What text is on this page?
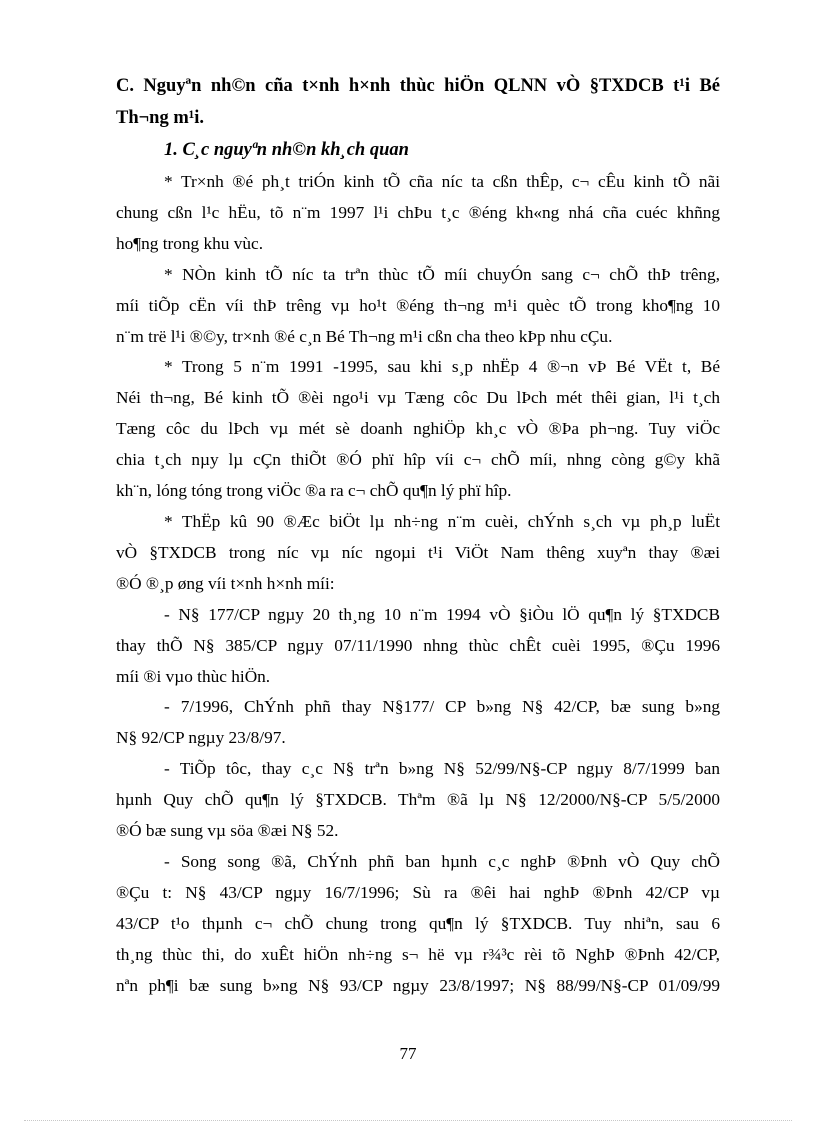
C. Nguyªn nh©n cña t×nh h×nh thùc hiÖn QLNN vÒ §TXDCB t¹i Bé

Th¬ng m¹i.

1. C¸c nguyªn nh©n kh¸ch quan

* Tr×nh ®é ph¸t triÓn kinh tÕ cña níc ta cßn thÊp, c¬ cÊu kinh tÕ nãi
chung cßn l¹c hËu, tõ n¨m 1997 l¹i chÞu t¸c ®éng kh«ng nhá cña cuéc khñng
ho¶ng trong khu vùc.
* NÒn kinh tÕ níc ta trªn thùc tÕ míi chuyÓn sang c¬ chÕ thÞ trêng,
míi tiÕp cËn víi thÞ trêng vµ ho¹t ®éng th¬ng m¹i quèc tÕ trong kho¶ng 10
n¨m trë l¹i ®©y, tr×nh ®é c¸n Bé Th¬ng m¹i cßn cha theo kÞp nhu cÇu.
* Trong 5 n¨m 1991 -1995, sau khi s¸p nhËp 4 ®¬n vÞ Bé VËt t, Bé
Néi th¬ng, Bé kinh tÕ ®èi ngo¹i vµ Tæng côc Du lÞch mét thêi gian, l¹i t¸ch
Tæng côc du lÞch vµ mét sè doanh nghiÖp kh¸c vÒ ®Þa ph¬ng. Tuy viÖc
chia t¸ch nµy lµ cÇn thiÕt ®Ó phï hîp víi c¬ chÕ míi, nhng còng g©y khã
kh¨n, lóng tóng trong viÖc ®a ra c¬ chÕ qu¶n lý phï hîp.
* ThËp kû 90 ®Æc biÖt lµ nh÷ng n¨m cuèi, chÝnh s¸ch vµ ph¸p luËt
vÒ §TXDCB trong níc vµ níc ngoµi t¹i ViÖt Nam thêng xuyªn thay ®æi
®Ó ®¸p øng víi t×nh h×nh míi:
- N§ 177/CP ngµy 20 th¸ng 10 n¨m 1994 vÒ §iÒu lÖ qu¶n lý §TXDCB
thay thÕ N§ 385/CP ngµy 07/11/1990 nhng thùc chÊt cuèi 1995, ®Çu 1996
míi ®i vµo thùc hiÖn.
- 7/1996, ChÝnh phñ thay N§177/ CP b»ng N§ 42/CP, bæ sung b»ng
N§ 92/CP ngµy 23/8/97.
- TiÕp tôc, thay c¸c N§ trªn b»ng N§ 52/99/N§-CP ngµy 8/7/1999 ban
hµnh Quy chÕ qu¶n lý §TXDCB. Thªm ®ã lµ N§ 12/2000/N§-CP 5/5/2000
®Ó bæ sung vµ söa ®æi N§ 52.
- Song song ®ã, ChÝnh phñ ban hµnh c¸c nghÞ ®Þnh vÒ Quy chÕ
®Çu t: N§ 43/CP ngµy 16/7/1996; Sù ra ®êi hai nghÞ ®Þnh 42/CP vµ
43/CP t¹o thµnh c¬ chÕ chung trong qu¶n lý §TXDCB. Tuy nhiªn, sau 6
th¸ng thùc thi, do xuÊt hiÖn nh÷ng s¬ hë vµ r¾³c rèi tõ NghÞ ®Þnh 42/CP,
nªn ph¶i bæ sung b»ng N§ 93/CP ngµy 23/8/1997; N§ 88/99/N§-CP 01/09/99
77
